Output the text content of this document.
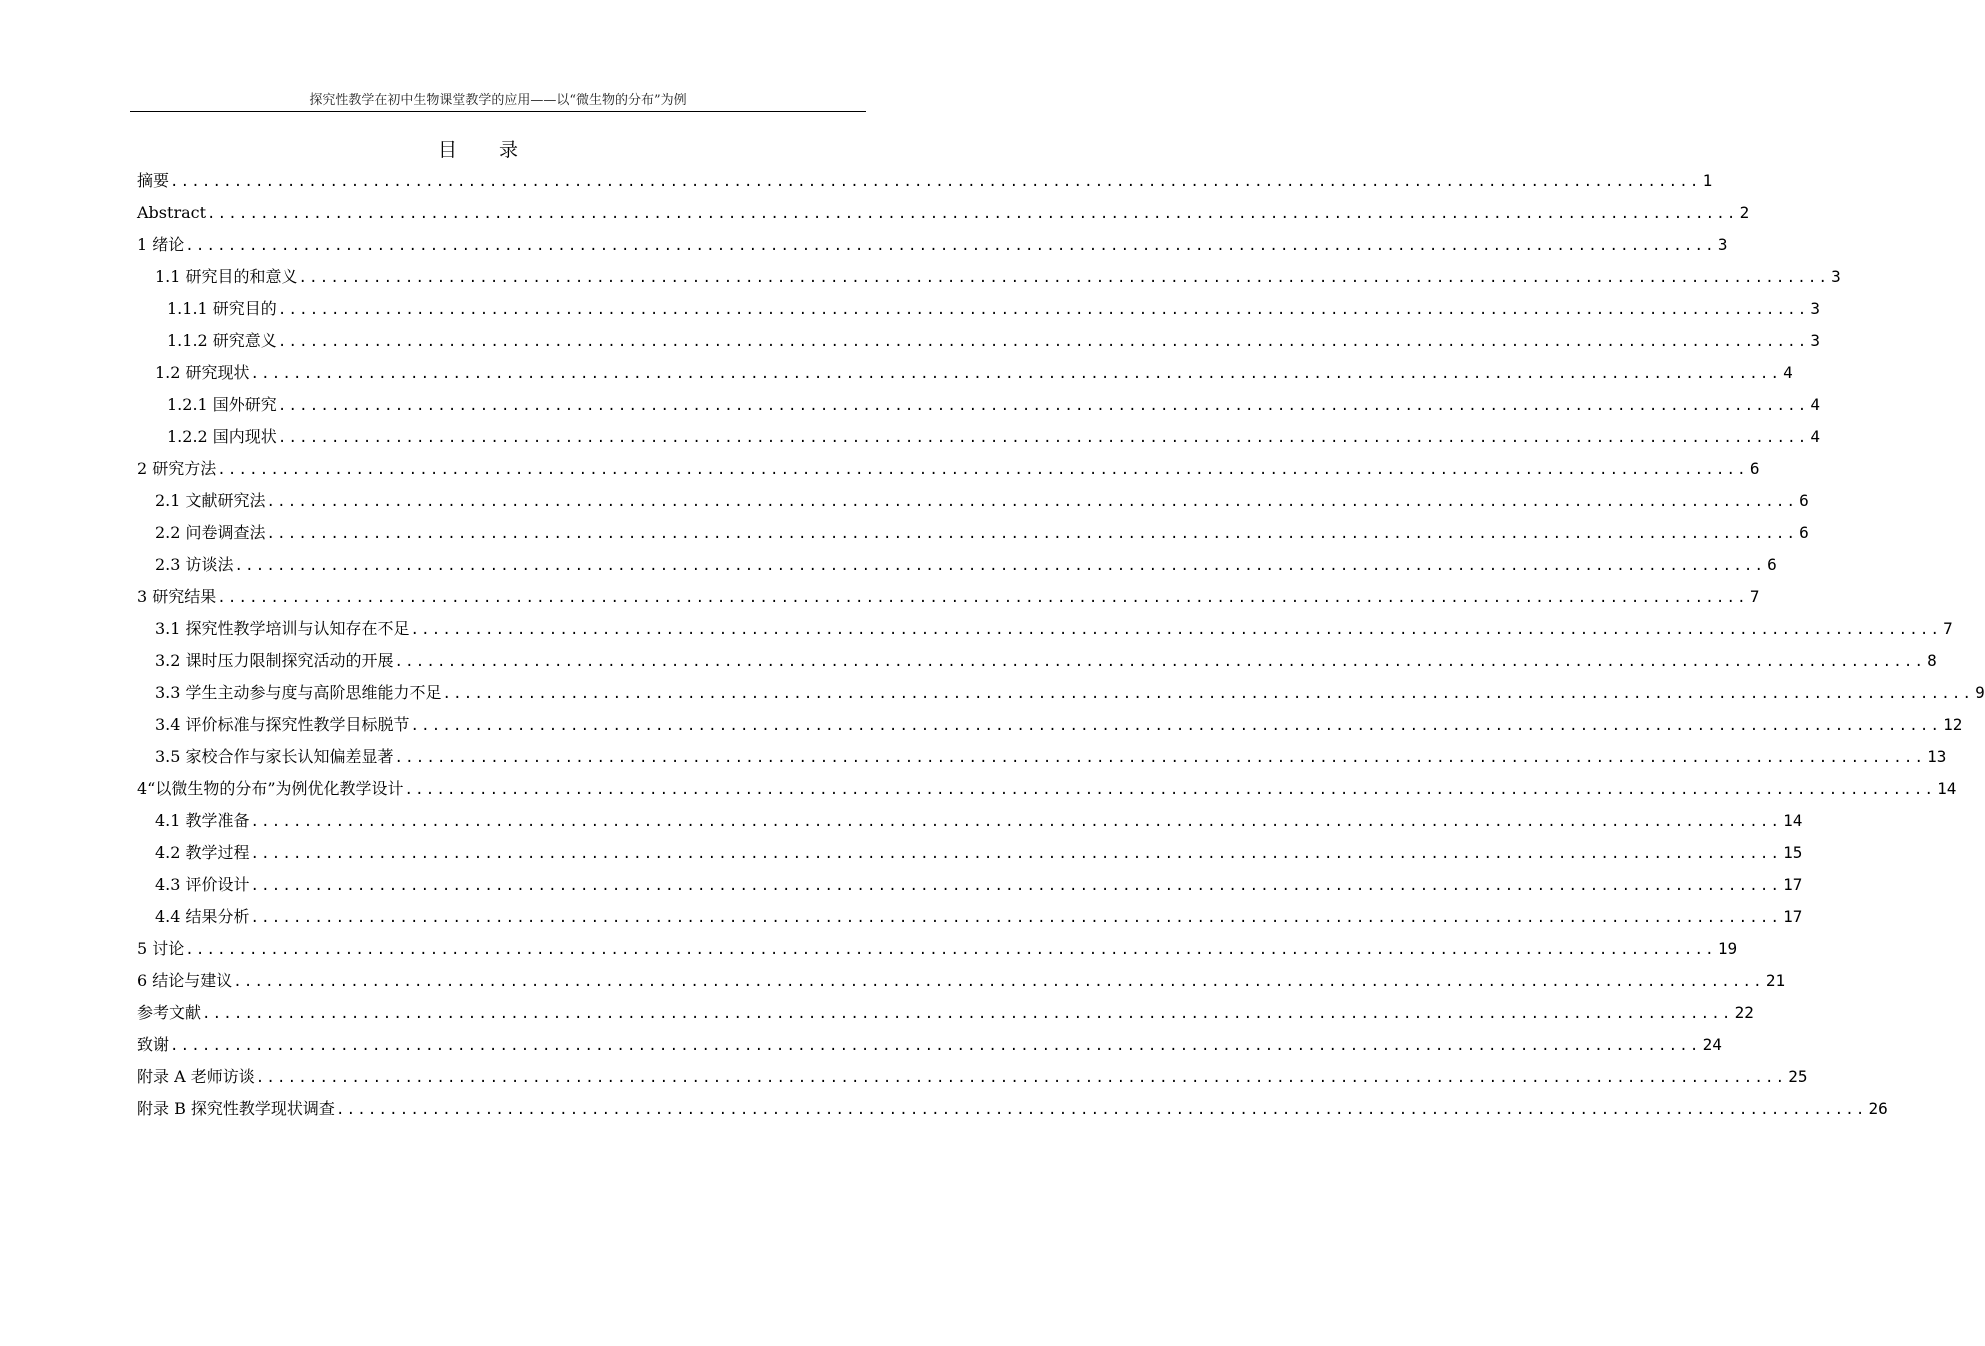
探究性教学在初中生物课堂教学的应用——以“微生物的分布”为例
目录
摘要 ................................................................................................................................................ 1
Abstract ................................................................................................................................................ 2
1 绪论 ................................................................................................................................................ 3
1.1 研究目的和意义 ................................................................................................................................................ 3
1.1.1 研究目的 ................................................................................................................................................ 3
1.1.2 研究意义 ................................................................................................................................................ 3
1.2 研究现状 ................................................................................................................................................ 4
1.2.1 国外研究 ................................................................................................................................................ 4
1.2.2 国内现状 ................................................................................................................................................ 4
2 研究方法 ................................................................................................................................................ 6
2.1 文献研究法 ................................................................................................................................................ 6
2.2 问卷调查法 ................................................................................................................................................ 6
2.3 访谈法 ................................................................................................................................................ 6
3 研究结果 ................................................................................................................................................ 7
3.1 探究性教学培训与认知存在不足 ................................................................................................................................................ 7
3.2 课时压力限制探究活动的开展 ................................................................................................................................................ 8
3.3 学生主动参与度与高阶思维能力不足 ................................................................................................................................................ 9
3.4 评价标准与探究性教学目标脱节 ................................................................................................................................................ 12
3.5 家校合作与家长认知偏差显著 ................................................................................................................................................ 13
4“以微生物的分布”为例优化教学设计 ................................................................................................................................................ 14
4.1 教学准备 ................................................................................................................................................ 14
4.2 教学过程 ................................................................................................................................................ 15
4.3 评价设计 ................................................................................................................................................ 17
4.4 结果分析 ................................................................................................................................................ 17
5 讨论 ................................................................................................................................................ 19
6 结论与建议 ................................................................................................................................................ 21
参考文献 ................................................................................................................................................ 22
致谢 ................................................................................................................................................ 24
附录 A 老师访谈 ................................................................................................................................................ 25
附录 B 探究性教学现状调查 ................................................................................................................................................ 26
